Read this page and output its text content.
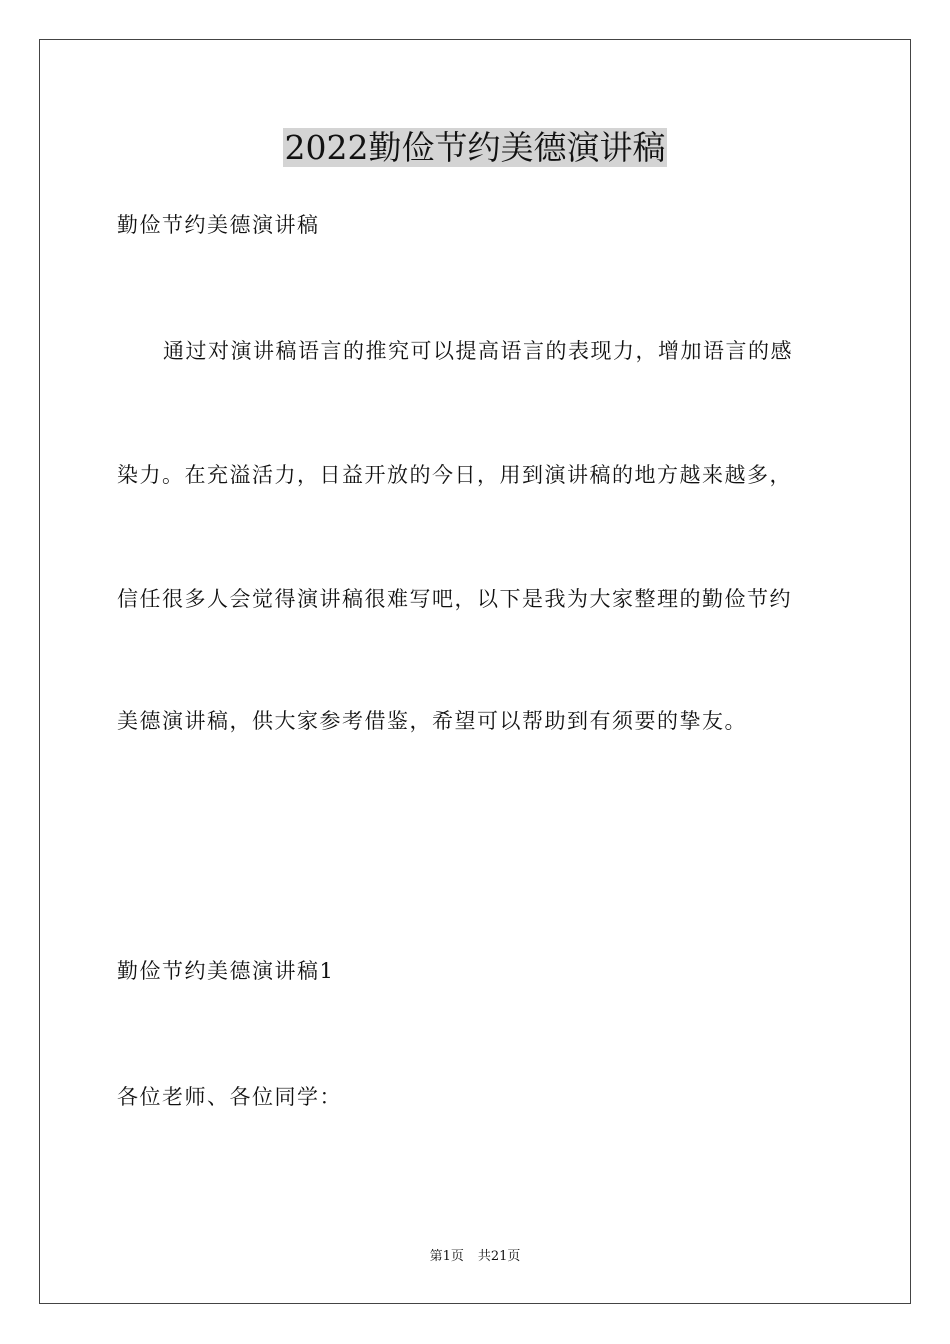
2022勤俭节约美德演讲稿

勤俭节约美德演讲稿

通过对演讲稿语言的推究可以提高语言的表现力，增加语言的感

染力。在充溢活力，日益开放的今日，用到演讲稿的地方越来越多，

信任很多人会觉得演讲稿很难写吧，以下是我为大家整理的勤俭节约

美德演讲稿，供大家参考借鉴，希望可以帮助到有须要的挚友。

勤俭节约美德演讲稿1

各位老师、各位同学：

第1页 共21页
